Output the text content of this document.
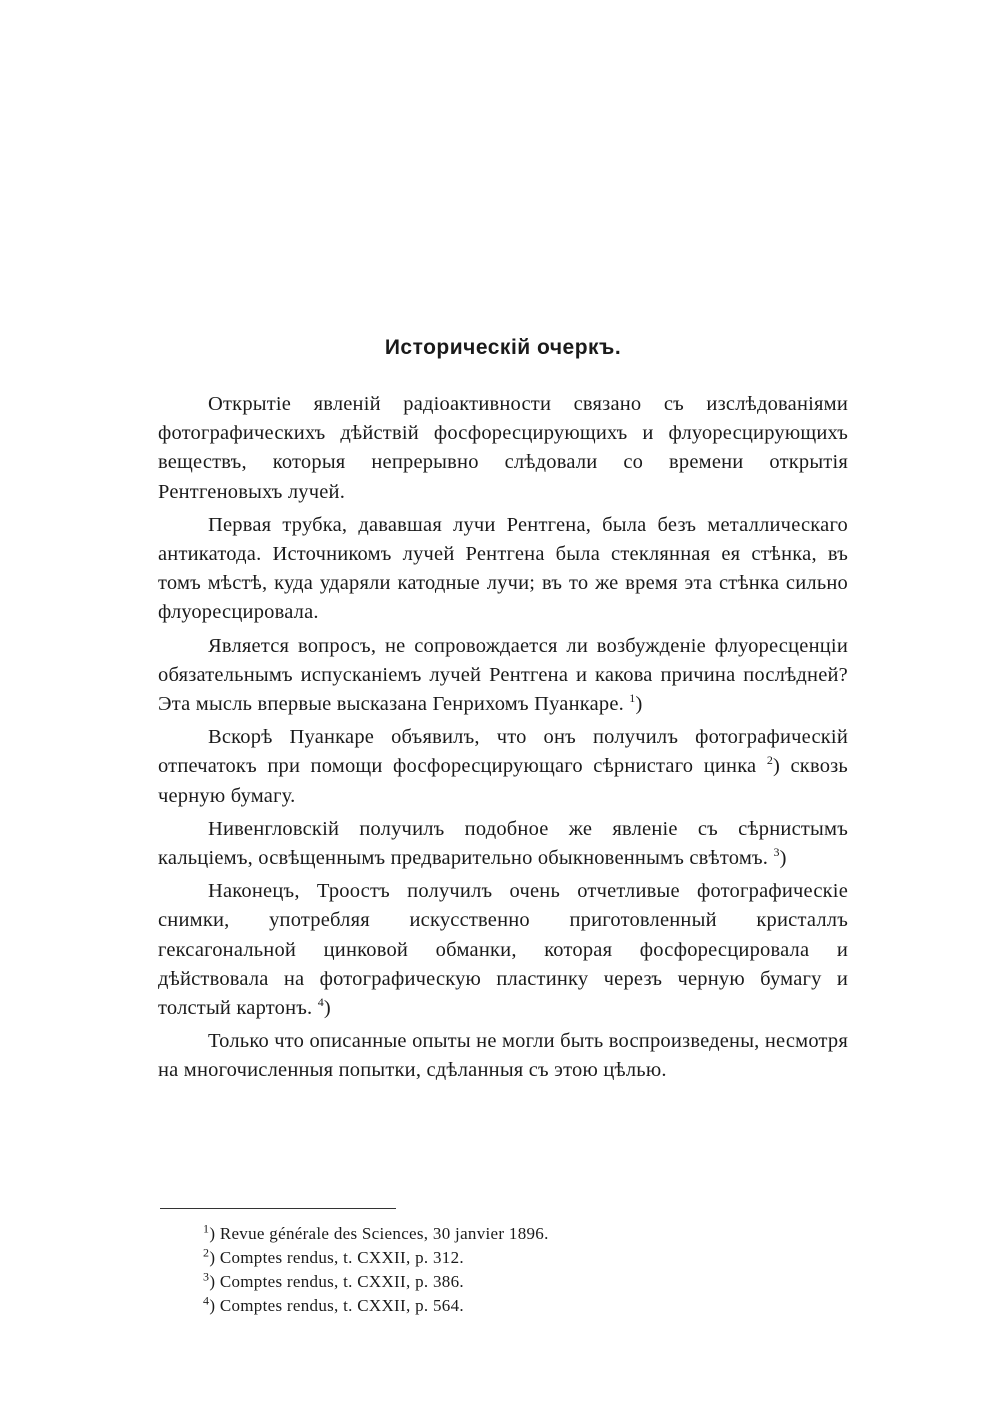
Историческій очеркъ.

Открытіе явленій радіоактивности связано съ изслѣдованіями фотографическихъ дѣйствій фосфоресцирующихъ и флуоресцирующихъ веществъ, которыя непрерывно слѣдовали со времени открытія Рентгеновыхъ лучей.

Первая трубка, дававшая лучи Рентгена, была безъ металлическаго антикатода. Источникомъ лучей Рентгена была стеклянная ея стѣнка, въ томъ мѣстѣ, куда ударяли катодные лучи; въ то же время эта стѣнка сильно флуоресцировала.

Является вопросъ, не сопровождается ли возбужденіе флуоресценціи обязательнымъ испусканіемъ лучей Рентгена и какова причина послѣдней? Эта мысль впервые высказана Генрихомъ Пуанкаре. $^1$)

Вскорѣ Пуанкаре объявилъ, что онъ получилъ фотографическій отпечатокъ при помощи фосфоресцирующаго сѣрнистаго цинка $^2$) сквозь черную бумагу.

Нивенгловскій получилъ подобное же явленіе съ сѣрнистымъ кальціемъ, освѣщеннымъ предварительно обыкновеннымъ свѣтомъ. $^3$)

Наконецъ, Троостъ получилъ очень отчетливые фотографическіе снимки, употребляя искусственно приготовленный кристаллъ гексагональной цинковой обманки, которая фосфоресцировала и дѣйствовала на фотографическую пластинку черезъ черную бумагу и толстый картонъ. $^4$)

Только что описанные опыты не могли быть воспроизведены, несмотря на многочисленныя попытки, сдѣланныя съ этою цѣлью.

$^1$) Revue générale des Sciences, 30 janvier 1896.
$^2$) Comptes rendus, t. CXXII, p. 312.
$^3$) Comptes rendus, t. CXXII, p. 386.
$^4$) Comptes rendus, t. CXXII, p. 564.
